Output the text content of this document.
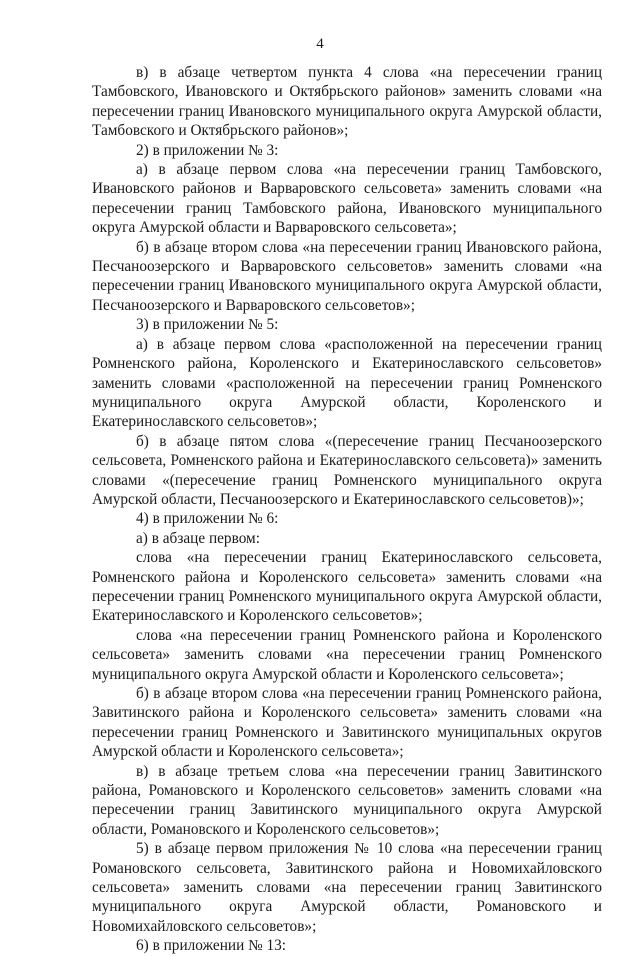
4

в) в абзаце четвертом пункта 4 слова «на пересечении границ Тамбовского, Ивановского и Октябрьского районов» заменить словами «на пересечении границ Ивановского муниципального округа Амурской области, Тамбовского и Октябрьского районов»;

2) в приложении № 3:

а) в абзаце первом слова «на пересечении границ Тамбовского, Ивановского районов и Варваровского сельсовета» заменить словами «на пересечении границ Тамбовского района, Ивановского муниципального округа Амурской области и Варваровского сельсовета»;

б) в абзаце втором слова «на пересечении границ Ивановского района, Песчаноозерского и Варваровского сельсоветов» заменить словами «на пересечении границ Ивановского муниципального округа Амурской области, Песчаноозерского и Варваровского сельсоветов»;

3) в приложении № 5:

а) в абзаце первом слова «расположенной на пересечении границ Ромненского района, Короленского и Екатеринославского сельсоветов» заменить словами «расположенной на пересечении границ Ромненского муниципального округа Амурской области, Короленского и Екатеринославского сельсоветов»;

б) в абзаце пятом слова «(пересечение границ Песчаноозерского сельсовета, Ромненского района и Екатеринославского сельсовета)» заменить словами «(пересечение границ Ромненского муниципального округа Амурской области, Песчаноозерского и Екатеринославского сельсоветов)»;

4) в приложении № 6:

а) в абзаце первом:

слова «на пересечении границ Екатеринославского сельсовета, Ромненского района и Короленского сельсовета» заменить словами «на пересечении границ Ромненского муниципального округа Амурской области, Екатеринославского и Короленского сельсоветов»;

слова «на пересечении границ Ромненского района и Короленского сельсовета» заменить словами «на пересечении границ Ромненского муниципального округа Амурской области и Короленского сельсовета»;

б) в абзаце втором слова «на пересечении границ Ромненского района, Завитинского района и Короленского сельсовета» заменить словами «на пересечении границ Ромненского и Завитинского муниципальных округов Амурской области и Короленского сельсовета»;

в) в абзаце третьем слова «на пересечении границ Завитинского района, Романовского и Короленского сельсоветов» заменить словами «на пересечении границ Завитинского муниципального округа Амурской области, Романовского и Короленского сельсоветов»;

5) в абзаце первом приложения № 10 слова «на пересечении границ Романовского сельсовета, Завитинского района и Новомихайловского сельсовета» заменить словами «на пересечении границ Завитинского муниципального округа Амурской области, Романовского и Новомихайловского сельсоветов»;

6) в приложении № 13:
